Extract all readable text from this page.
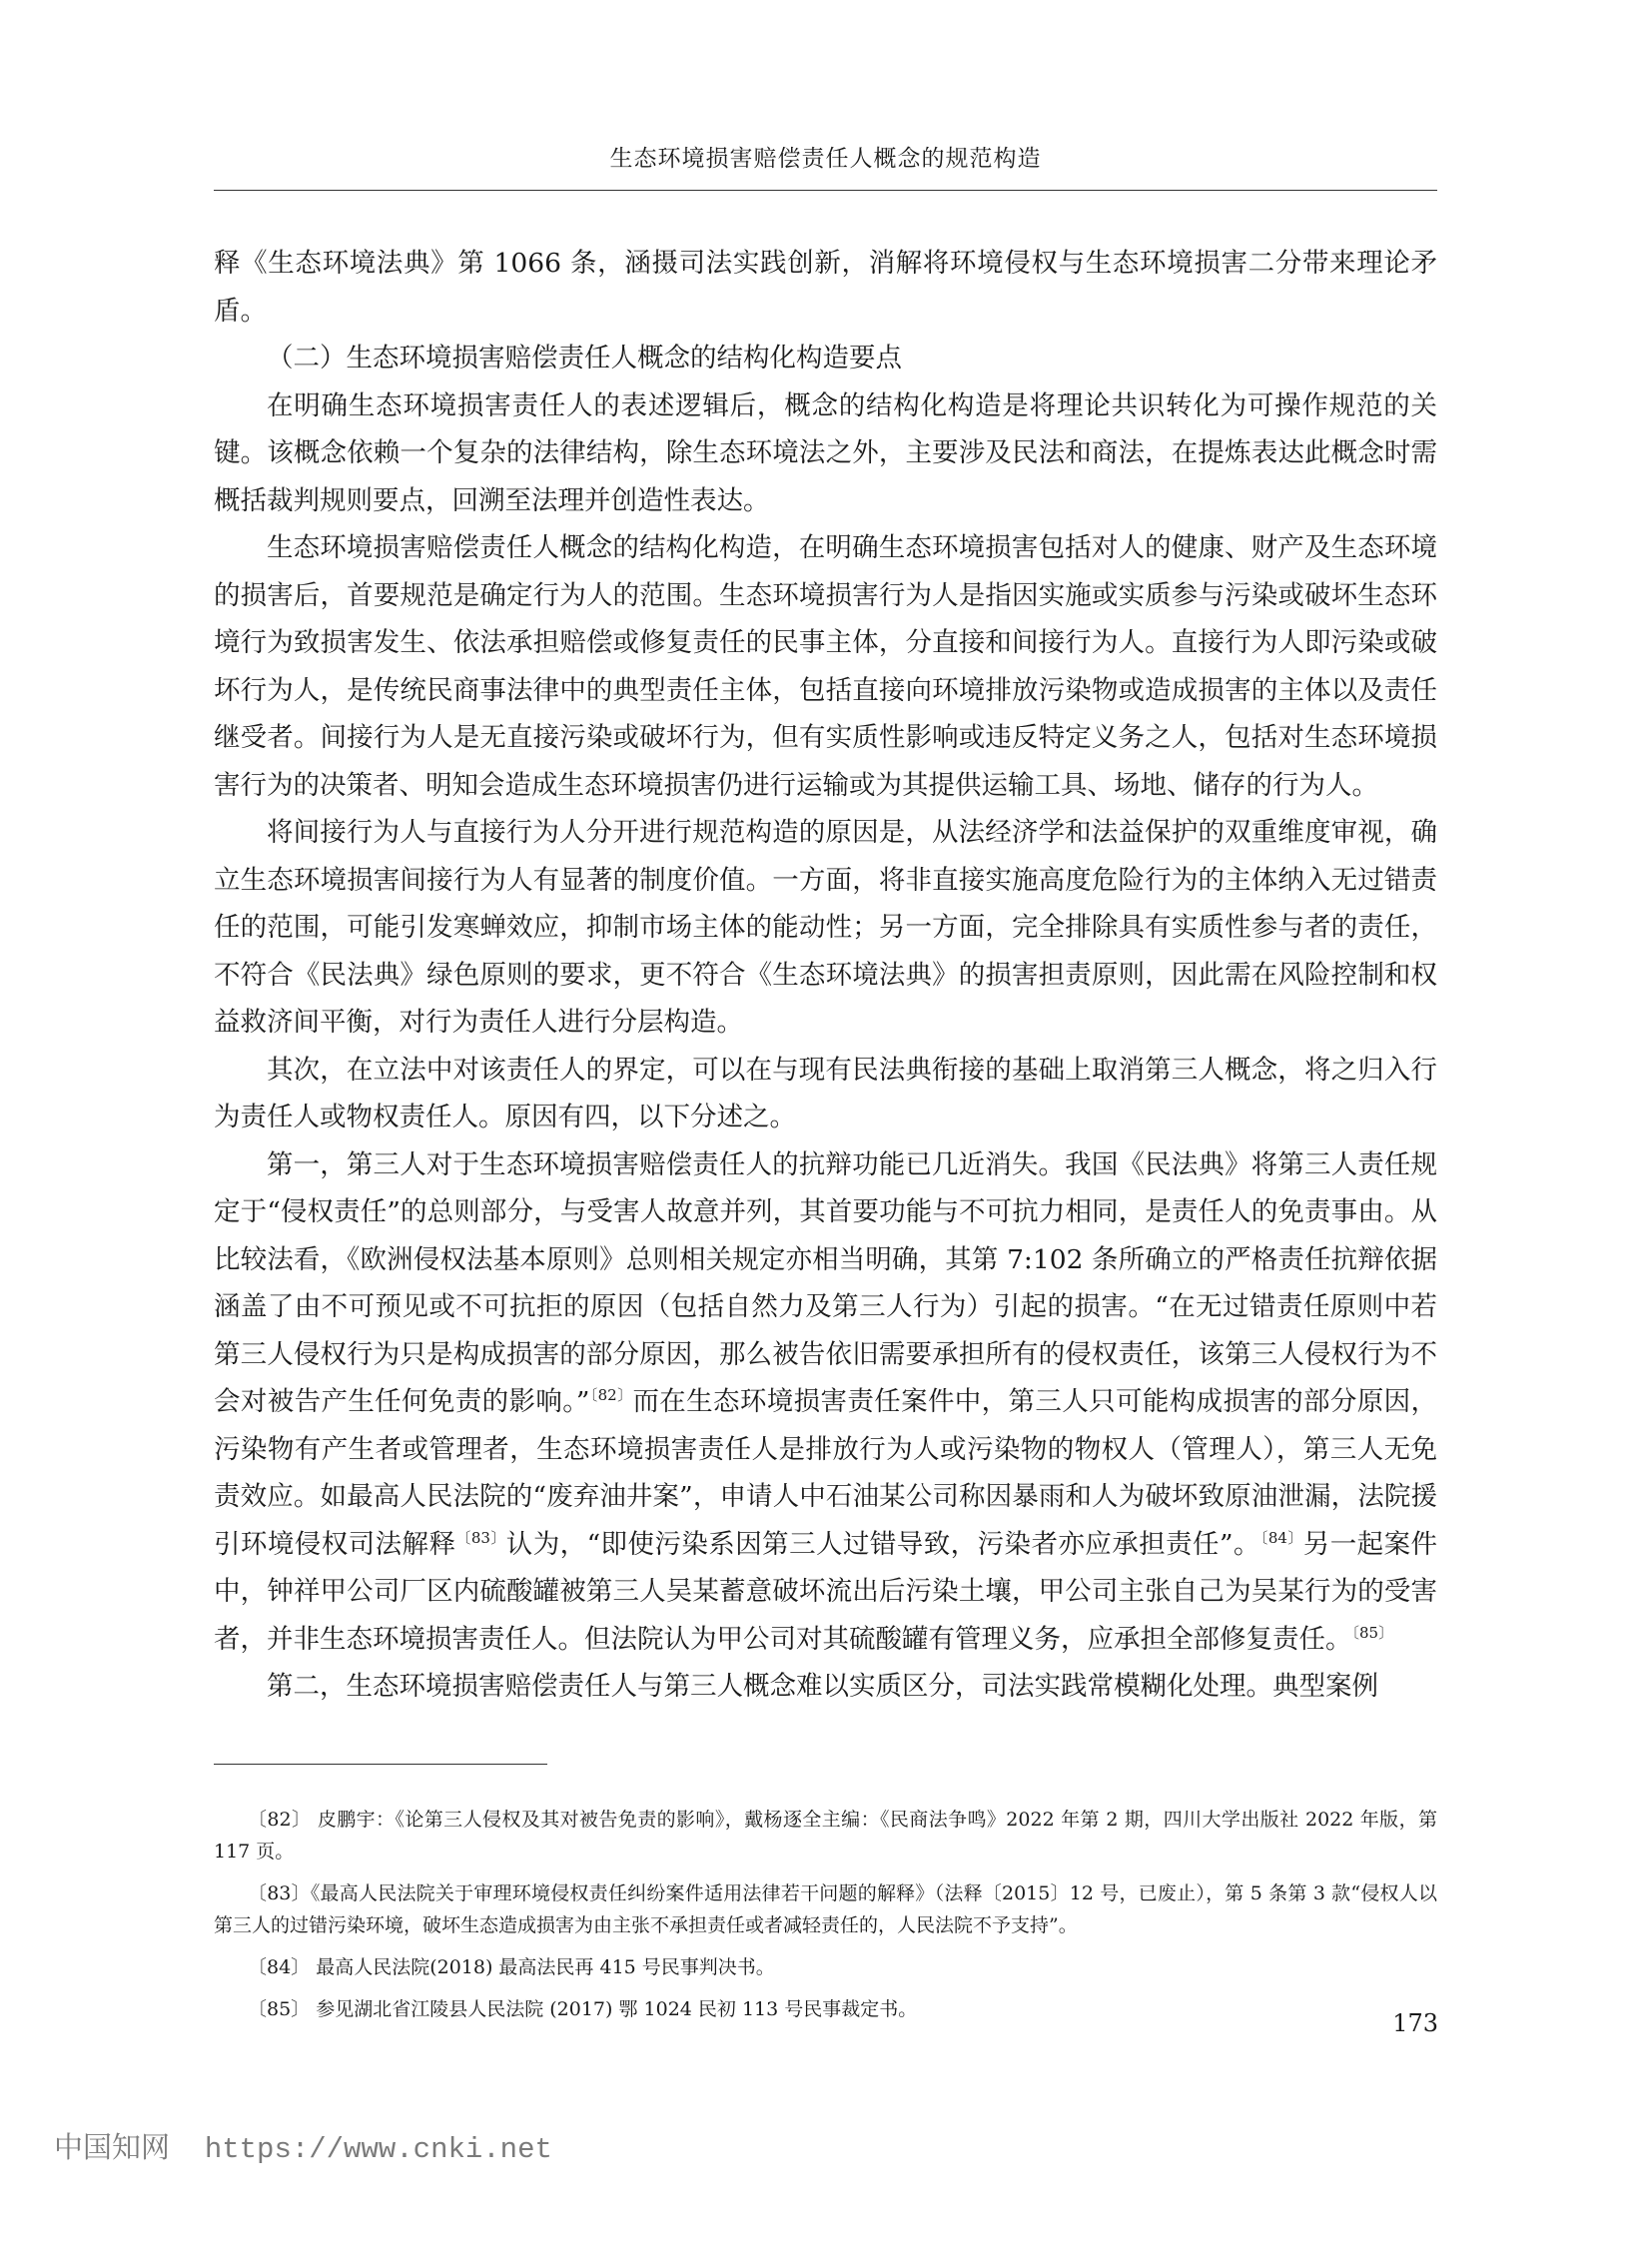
生态环境损害赔偿责任人概念的规范构造

释《生态环境法典》第 1066 条，涵摄司法实践创新，消解将环境侵权与生态环境损害二分带来理论矛盾。

（二）生态环境损害赔偿责任人概念的结构化构造要点

在明确生态环境损害责任人的表述逻辑后，概念的结构化构造是将理论共识转化为可操作规范的关键。该概念依赖一个复杂的法律结构，除生态环境法之外，主要涉及民法和商法，在提炼表达此概念时需概括裁判规则要点，回溯至法理并创造性表达。

生态环境损害赔偿责任人概念的结构化构造，在明确生态环境损害包括对人的健康、财产及生态环境的损害后，首要规范是确定行为人的范围。生态环境损害行为人是指因实施或实质参与污染或破坏生态环境行为致损害发生、依法承担赔偿或修复责任的民事主体，分直接和间接行为人。直接行为人即污染或破坏行为人，是传统民商事法律中的典型责任主体，包括直接向环境排放污染物或造成损害的主体以及责任继受者。间接行为人是无直接污染或破坏行为，但有实质性影响或违反特定义务之人，包括对生态环境损害行为的决策者、明知会造成生态环境损害仍进行运输或为其提供运输工具、场地、储存的行为人。

将间接行为人与直接行为人分开进行规范构造的原因是，从法经济学和法益保护的双重维度审视，确立生态环境损害间接行为人有显著的制度价值。一方面，将非直接实施高度危险行为的主体纳入无过错责任的范围，可能引发寒蝉效应，抑制市场主体的能动性；另一方面，完全排除具有实质性参与者的责任，不符合《民法典》绿色原则的要求，更不符合《生态环境法典》的损害担责原则，因此需在风险控制和权益救济间平衡，对行为责任人进行分层构造。

其次，在立法中对该责任人的界定，可以在与现有民法典衔接的基础上取消第三人概念，将之归入行为责任人或物权责任人。原因有四，以下分述之。

第一，第三人对于生态环境损害赔偿责任人的抗辩功能已几近消失。我国《民法典》将第三人责任规定于“侵权责任”的总则部分，与受害人故意并列，其首要功能与不可抗力相同，是责任人的免责事由。从比较法看，《欧洲侵权法基本原则》总则相关规定亦相当明确，其第 7:102 条所确立的严格责任抗辩依据涵盖了由不可预见或不可抗拒的原因（包括自然力及第三人行为）引起的损害。“在无过错责任原则中若第三人侵权行为只是构成损害的部分原因，那么被告依旧需要承担所有的侵权责任，该第三人侵权行为不会对被告产生任何免责的影响。”$^{〔82〕}$而在生态环境损害责任案件中，第三人只可能构成损害的部分原因，污染物有产生者或管理者，生态环境损害责任人是排放行为人或污染物的物权人（管理人），第三人无免责效应。如最高人民法院的“废弃油井案”，申请人中石油某公司称因暴雨和人为破坏致原油泄漏，法院援引环境侵权司法解释$^{〔83〕}$认为，“即使污染系因第三人过错导致，污染者亦应承担责任”。$^{〔84〕}$另一起案件中，钟祥甲公司厂区内硫酸罐被第三人吴某蓄意破坏流出后污染土壤，甲公司主张自己为吴某行为的受害者，并非生态环境损害责任人。但法院认为甲公司对其硫酸罐有管理义务，应承担全部修复责任。$^{〔85〕}$

第二，生态环境损害赔偿责任人与第三人概念难以实质区分，司法实践常模糊化处理。典型案例

〔82〕 皮鹏宇：《论第三人侵权及其对被告免责的影响》，戴杨逐全主编：《民商法争鸣》2022 年第 2 期，四川大学出版社 2022 年版，第 117 页。

〔83〕《最高人民法院关于审理环境侵权责任纠纷案件适用法律若干问题的解释》（法释〔2015〕12 号，已废止），第 5 条第 3 款“侵权人以第三人的过错污染环境，破坏生态造成损害为由主张不承担责任或者减轻责任的，人民法院不予支持”。

〔84〕 最高人民法院(2018) 最高法民再 415 号民事判决书。

〔85〕 参见湖北省江陵县人民法院 (2017) 鄂 1024 民初 113 号民事裁定书。	173
中国知网 https://www.cnki.net
